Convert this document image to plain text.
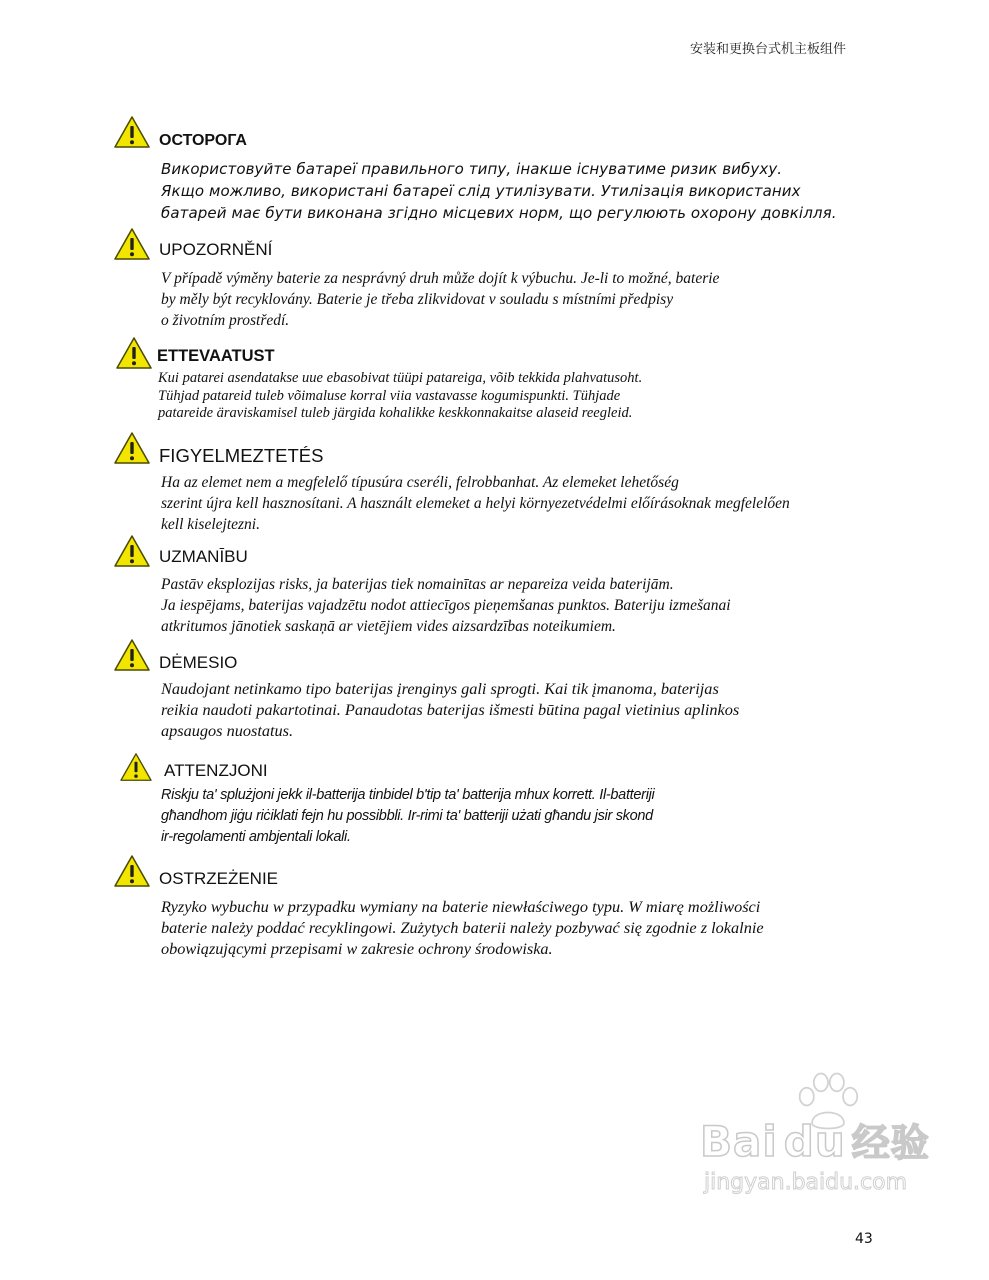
安装和更换台式机主板组件
ОСТОРОГА
Використовуйте батареї правильного типу, інакше існуватиме ризик вибуху.
Якщо можливо, використані батареї слід утилізувати. Утилізація використаних
батарей має бути виконана згідно місцевих норм, що регулюють охорону довкілля.
UPOZORNĚNÍ
V případě výměny baterie za nesprávný druh může dojít k výbuchu. Je-li to možné, baterie
by měly být recyklovány. Baterie je třeba zlikvidovat v souladu s místními předpisy
o životním prostředí.
ETTEVAATUST
Kui patarei asendatakse uue ebasobivat tüüpi patareiga, võib tekkida plahvatusoht.
Tühjad patareid tuleb võimaluse korral viia vastavasse kogumispunkti. Tühjade
patareide äraviskamisel tuleb järgida kohalikke keskkonnakaitse alaseid reegleid.
FIGYELMEZTETÉS
Ha az elemet nem a megfelelő típusúra cseréli, felrobbanhat. Az elemeket lehetőség
szerint újra kell hasznosítani. A használt elemeket a helyi környezetvédelmi előírásoknak megfelelően
kell kiselejtezni.
UZMANĪBU
Pastāv eksplozijas risks, ja baterijas tiek nomainītas ar nepareiza veida baterijām.
Ja iespējams, baterijas vajadzētu nodot attiecīgos pieņemšanas punktos. Bateriju izmešanai
atkritumos jānotiek saskaņā ar vietējiem vides aizsardzības noteikumiem.
DĖMESIO
Naudojant netinkamo tipo baterijas įrenginys gali sprogti. Kai tik įmanoma, baterijas
reikia naudoti pakartotinai. Panaudotas baterijas išmesti būtina pagal vietinius aplinkos
apsaugos nuostatus.
ATTENZJONI
Riskju ta' splużjoni jekk il-batterija tinbidel b'tip ta' batterija mhux korrett. Il-batteriji
għandhom jiġu riċiklati fejn hu possibbli. Ir-rimi ta' batteriji użati għandu jsir skond
ir-regolamenti ambjentali lokali.
OSTRZEŻENIE
Ryzyko wybuchu w przypadku wymiany na baterie niewłaściwego typu. W miarę możliwości
baterie należy poddać recyklingowi. Zużytych baterii należy pozbywać się zgodnie z lokalnie
obowiązującymi przepisami w zakresie ochrony środowiska.
Bai du 经验
jingyan.baidu.com
43
